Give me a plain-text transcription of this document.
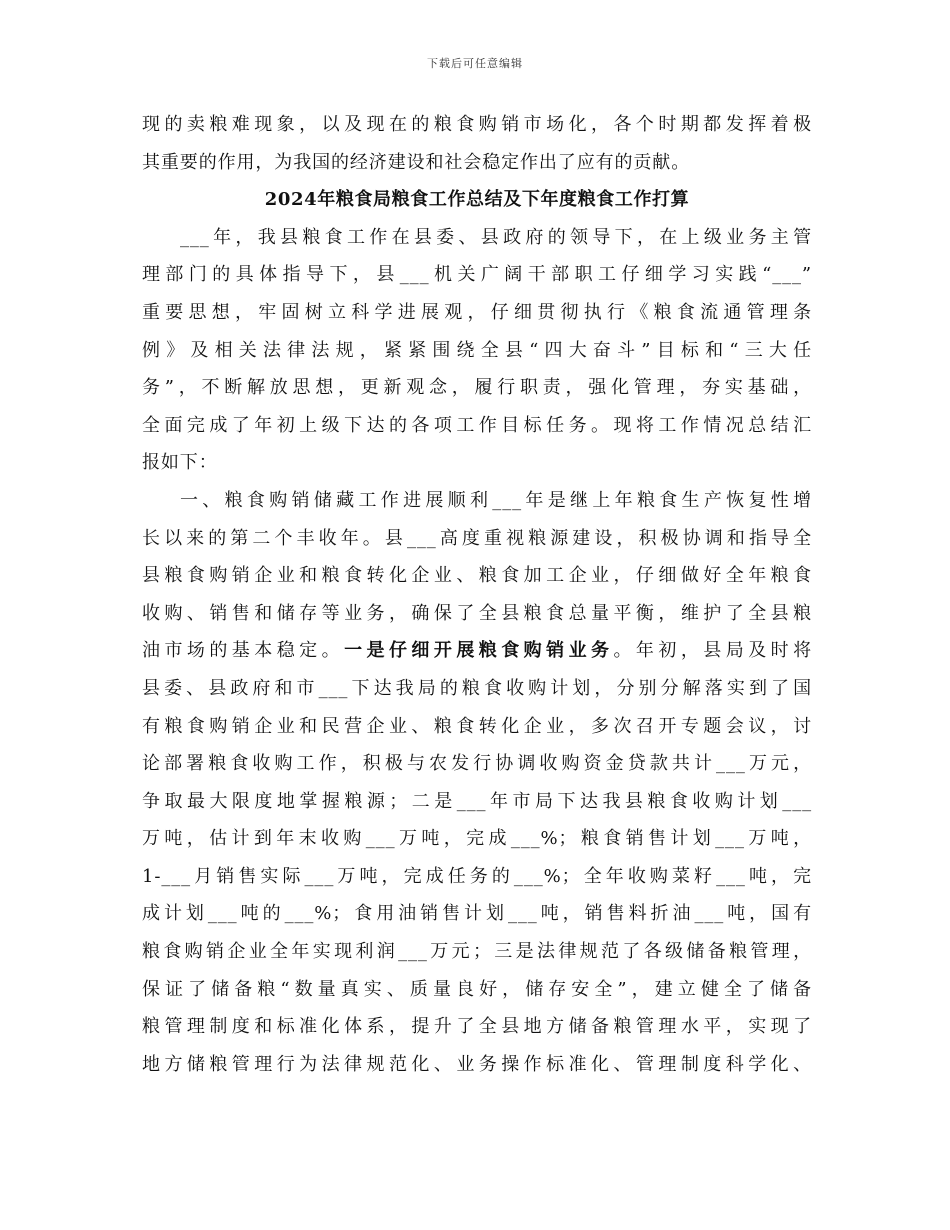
下载后可任意编辑
现的卖粮难现象，以及现在的粮食购销市场化，各个时期都发挥着极
其重要的作用，为我国的经济建设和社会稳定作出了应有的贡献。
2024年粮食局粮食工作总结及下年度粮食工作打算
___年，我县粮食工作在县委、县政府的领导下，在上级业务主管
理部门的具体指导下，县___机关广阔干部职工仔细学习实践“___”
重要思想，牢固树立科学进展观，仔细贯彻执行《粮食流通管理条
例》及相关法律法规，紧紧围绕全县“四大奋斗”目标和“三大任
务”，不断解放思想，更新观念，履行职责，强化管理，夯实基础，
全面完成了年初上级下达的各项工作目标任务。现将工作情况总结汇
报如下：
一、粮食购销储藏工作进展顺利___年是继上年粮食生产恢复性增
长以来的第二个丰收年。县___高度重视粮源建设，积极协调和指导全
县粮食购销企业和粮食转化企业、粮食加工企业，仔细做好全年粮食
收购、销售和储存等业务，确保了全县粮食总量平衡，维护了全县粮
油市场的基本稳定。一是仔细开展粮食购销业务。年初，县局及时将
县委、县政府和市___下达我局的粮食收购计划，分别分解落实到了国
有粮食购销企业和民营企业、粮食转化企业，多次召开专题会议，讨
论部署粮食收购工作，积极与农发行协调收购资金贷款共计___万元，
争取最大限度地掌握粮源；二是___年市局下达我县粮食收购计划___
万吨，估计到年末收购___万吨，完成___%；粮食销售计划___万吨，
1-___月销售实际___万吨，完成任务的___%；全年收购菜籽___吨，完
成计划___吨的___%；食用油销售计划___吨，销售料折油___吨，国有
粮食购销企业全年实现利润___万元；三是法律规范了各级储备粮管理，
保证了储备粮“数量真实、质量良好，储存安全”，建立健全了储备
粮管理制度和标准化体系，提升了全县地方储备粮管理水平，实现了
地方储粮管理行为法律规范化、业务操作标准化、管理制度科学化、
